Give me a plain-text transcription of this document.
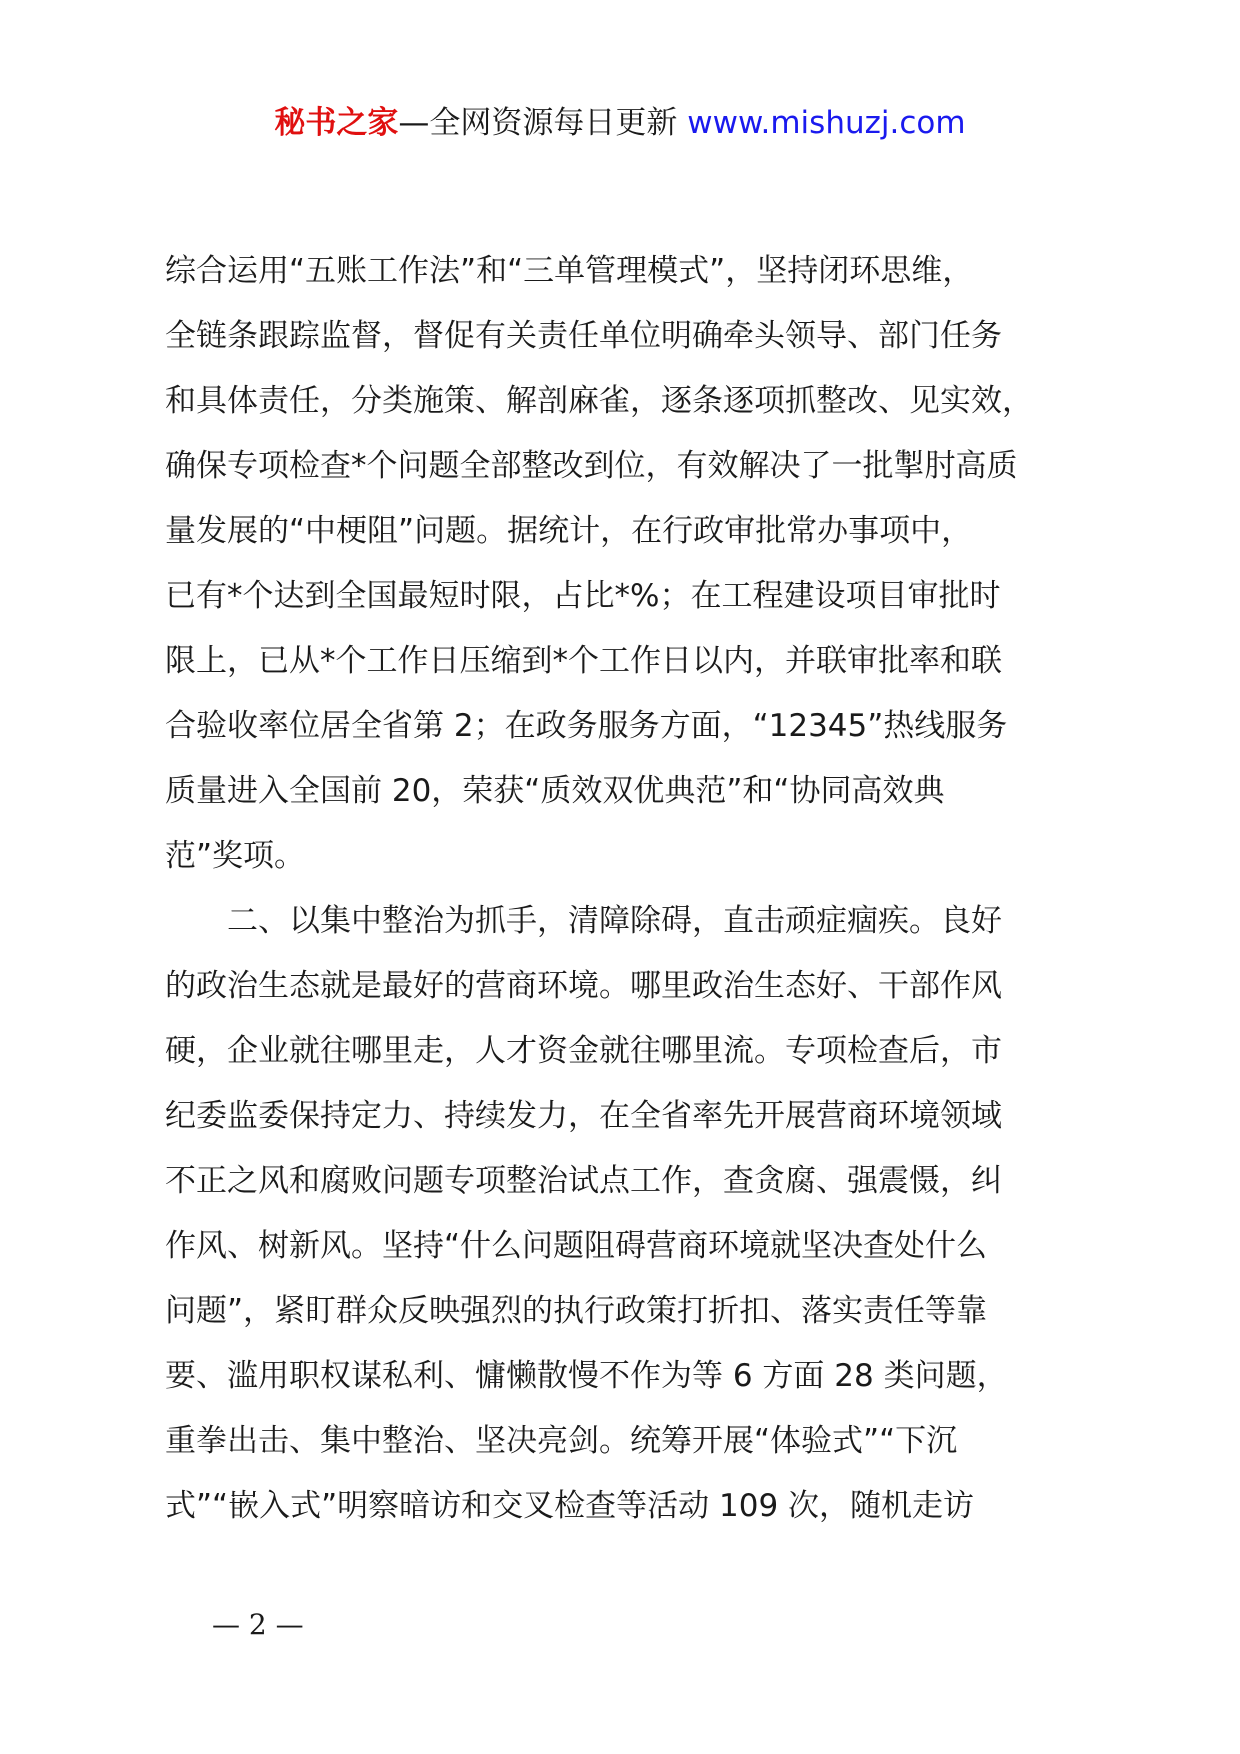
秘书之家—全网资源每日更新 www.mishuzj.com
综合运用“五账工作法”和“三单管理模式”，坚持闭环思维，
全链条跟踪监督，督促有关责任单位明确牵头领导、部门任务
和具体责任，分类施策、解剖麻雀，逐条逐项抓整改、见实效，
确保专项检查*个问题全部整改到位，有效解决了一批掣肘高质
量发展的“中梗阻”问题。据统计，在行政审批常办事项中，
已有*个达到全国最短时限，占比*%；在工程建设项目审批时
限上，已从*个工作日压缩到*个工作日以内，并联审批率和联
合验收率位居全省第 2；在政务服务方面，“12345”热线服务
质量进入全国前 20，荣获“质效双优典范”和“协同高效典
范”奖项。
　　二、以集中整治为抓手，清障除碍，直击顽症痼疾。良好
的政治生态就是最好的营商环境。哪里政治生态好、干部作风
硬，企业就往哪里走，人才资金就往哪里流。专项检查后，市
纪委监委保持定力、持续发力，在全省率先开展营商环境领域
不正之风和腐败问题专项整治试点工作，查贪腐、强震慑，纠
作风、树新风。坚持“什么问题阻碍营商环境就坚决查处什么
问题”，紧盯群众反映强烈的执行政策打折扣、落实责任等靠
要、滥用职权谋私利、慵懒散慢不作为等 6 方面 28 类问题，
重拳出击、集中整治、坚决亮剑。统筹开展“体验式”“下沉
式”“嵌入式”明察暗访和交叉检查等活动 109 次，随机走访
— 2 —
